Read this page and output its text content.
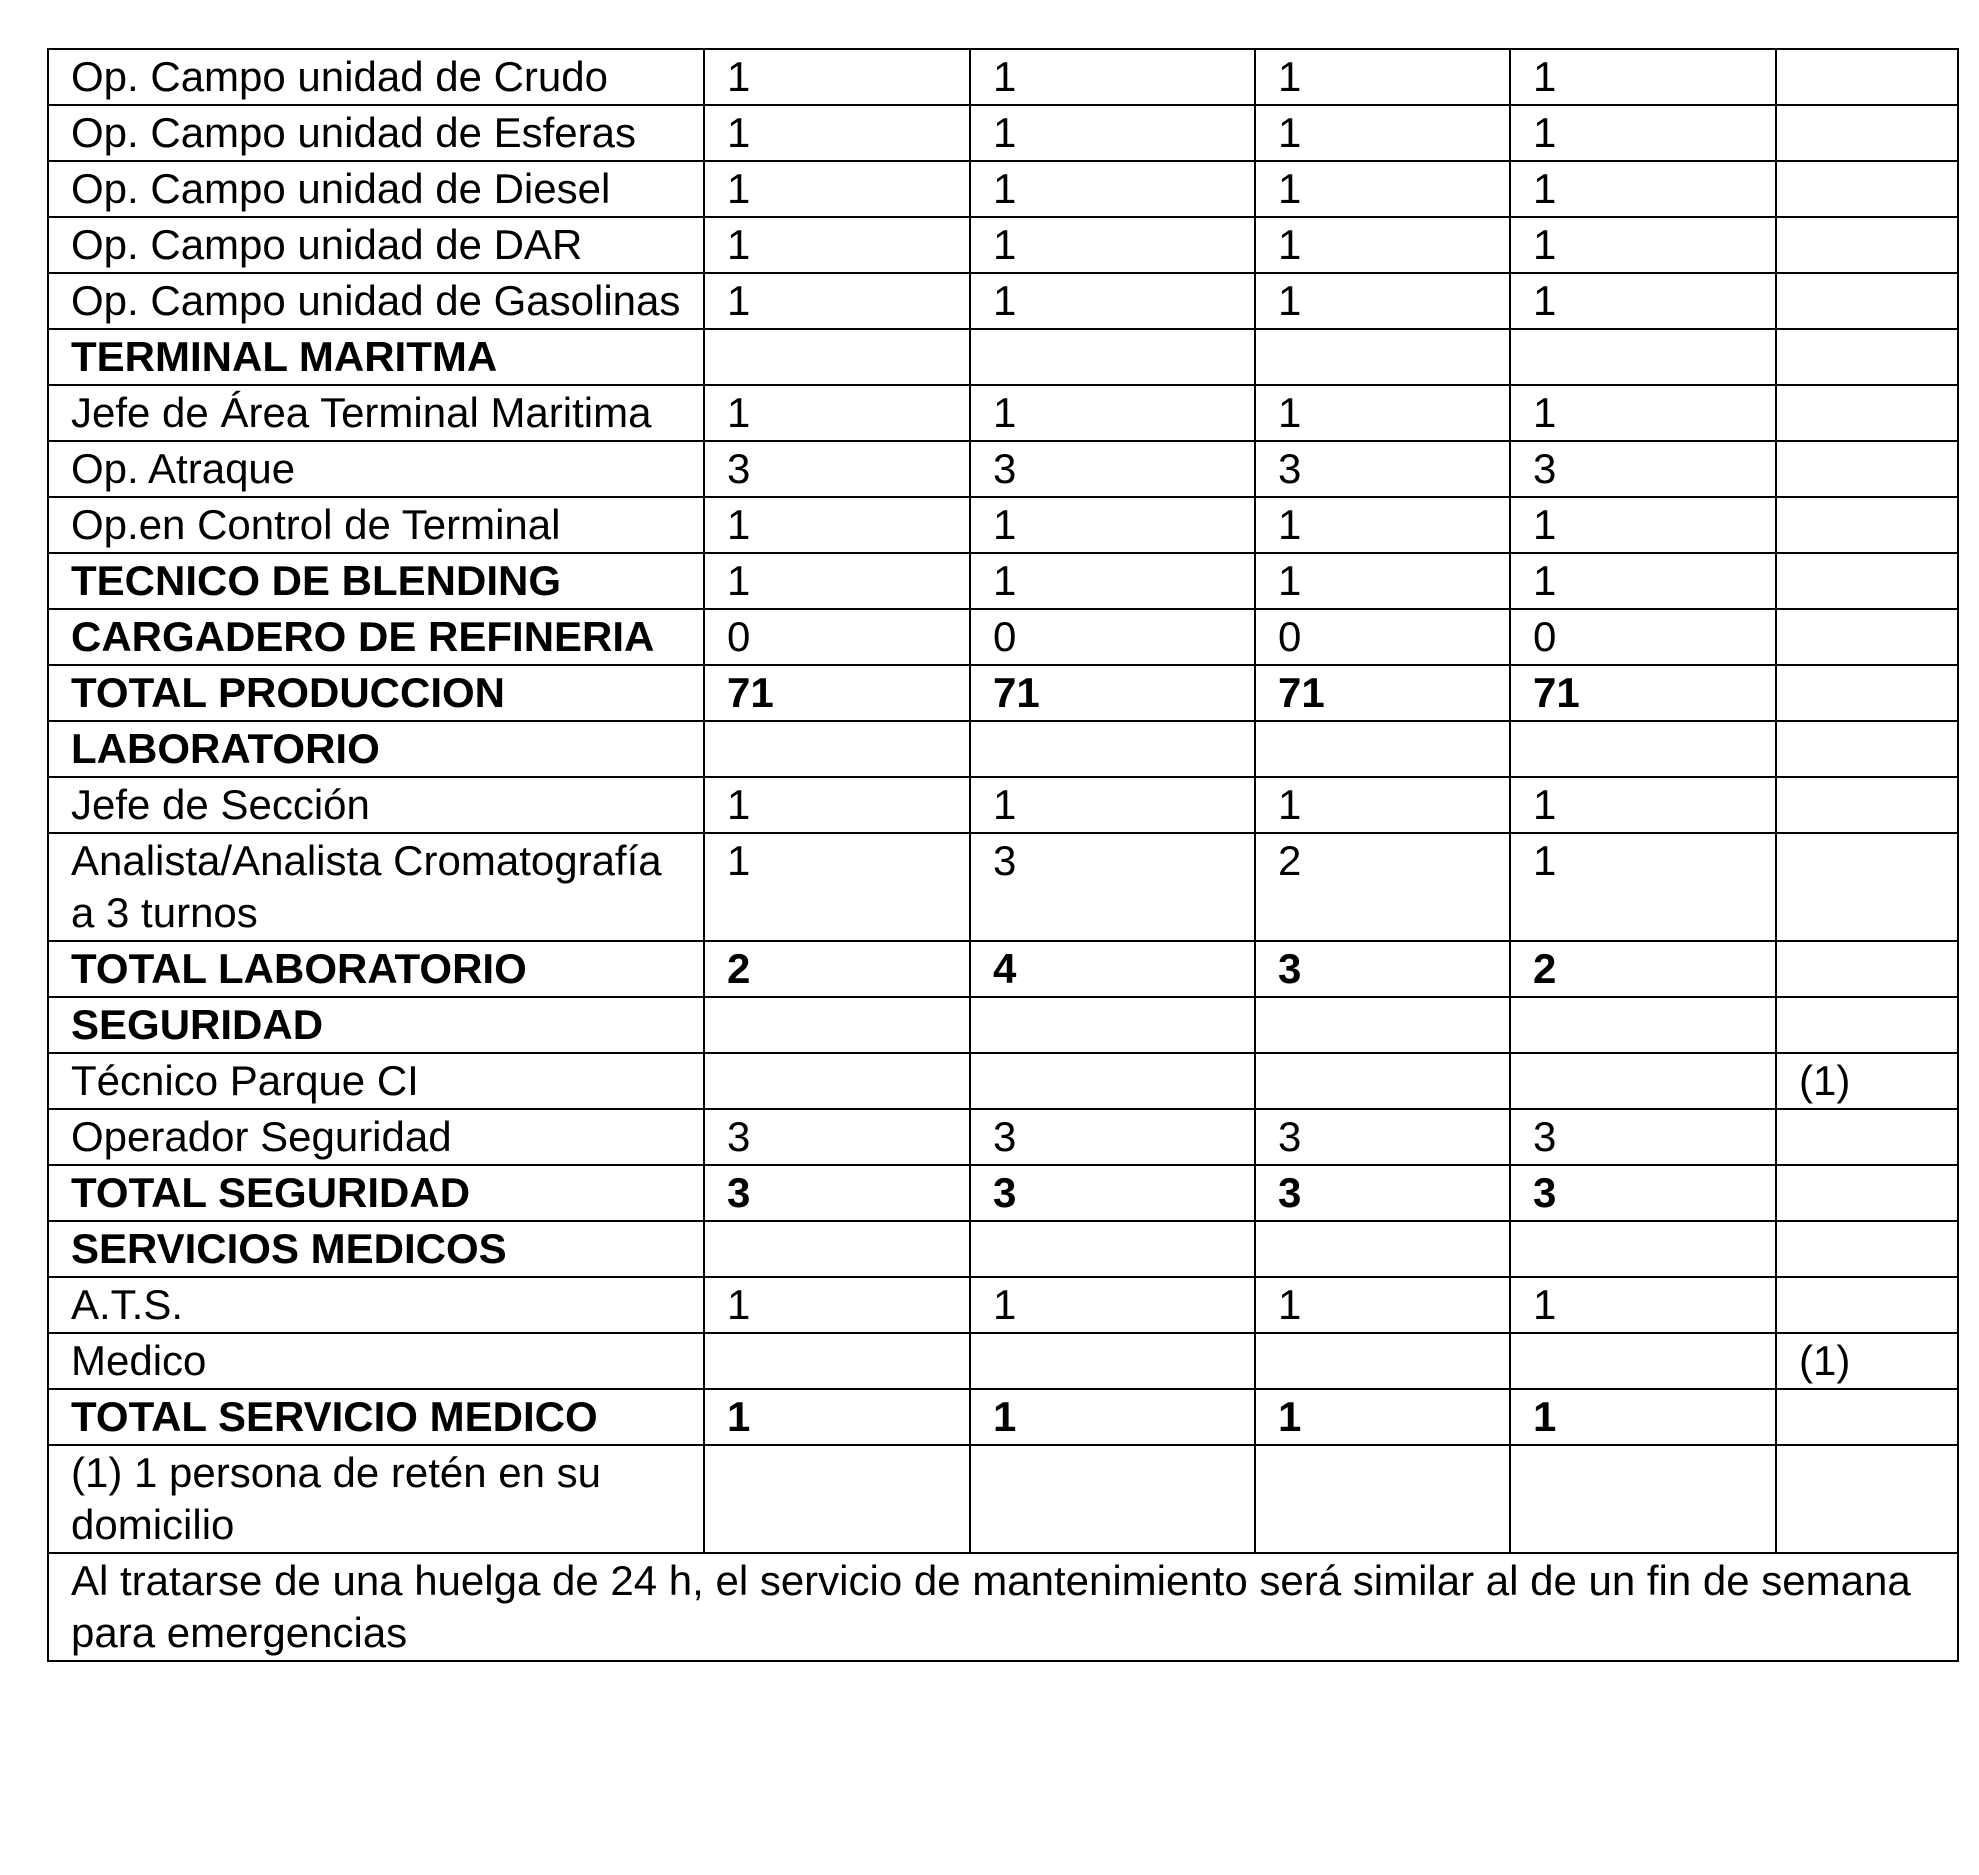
Op. Campo unidad de Crudo	1	1	1	1	
Op. Campo unidad de Esferas	1	1	1	1	
Op. Campo unidad de Diesel	1	1	1	1	
Op. Campo unidad de DAR	1	1	1	1	
Op. Campo unidad de Gasolinas	1	1	1	1	
TERMINAL MARITMA					
Jefe de Área Terminal Maritima	1	1	1	1	
Op. Atraque	3	3	3	3	
Op.en Control de Terminal	1	1	1	1	
TECNICO DE BLENDING	1	1	1	1	
CARGADERO DE REFINERIA	0	0	0	0	
TOTAL PRODUCCION	71	71	71	71	
LABORATORIO					
Jefe de Sección	1	1	1	1	
Analista/Analista Cromatografía a 3 turnos	1	3	2	1	
TOTAL LABORATORIO	2	4	3	2	
SEGURIDAD					
Técnico Parque CI					(1)
Operador Seguridad	3	3	3	3	
TOTAL SEGURIDAD	3	3	3	3	
SERVICIOS MEDICOS					
A.T.S.	1	1	1	1	
Medico					(1)
TOTAL SERVICIO MEDICO	1	1	1	1	
(1) 1 persona de retén en su domicilio					
Al tratarse de una huelga de 24 h, el servicio de mantenimiento será similar al de un fin de semana para emergencias					
